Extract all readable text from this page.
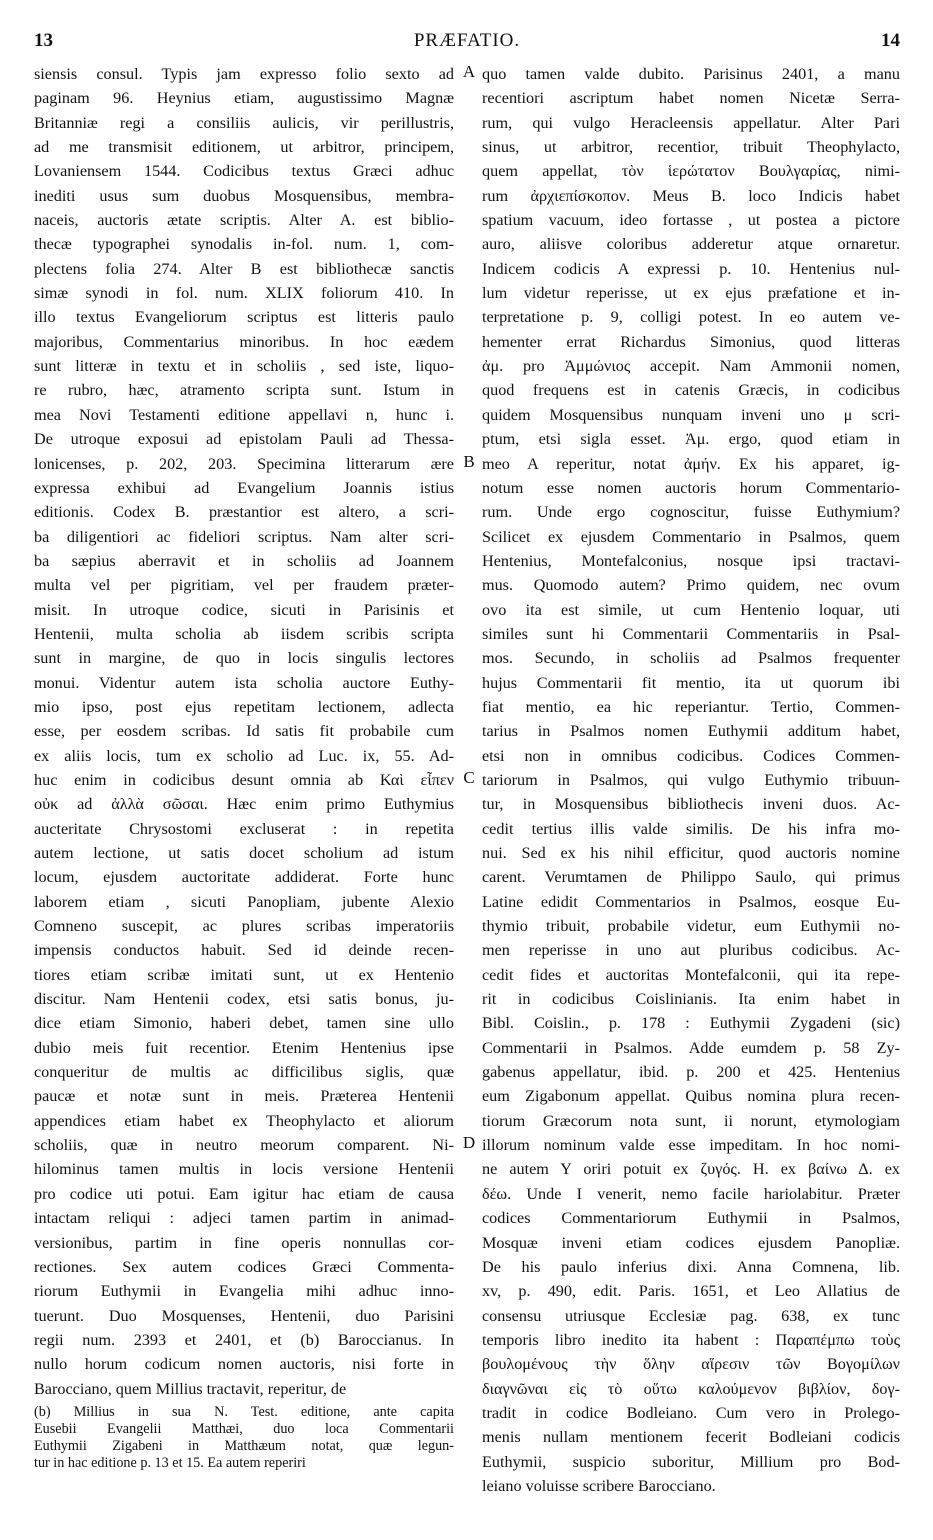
13	PRÆFATIO.	14
siensis consul. Typis jam expresso folio sexto ad
paginam 96. Heynius etiam, augustissimo Magnæ
Britanniæ regi a consiliis aulicis, vir perillustris,
ad me transmisit editionem, ut arbitror, principem,
Lovaniensem 1544. Codicibus textus Græci adhuc
inediti usus sum duobus Mosquensibus, membra-
naceis, auctoris ætate scriptis. Alter A. est biblio-
thecæ typographei synodalis in-fol. num. 1, com-
plectens folia 274. Alter B est bibliothecæ sanctis
simæ synodi in fol. num. XLIX foliorum 410. In
illo textus Evangeliorum scriptus est litteris paulo
majoribus, Commentarius minoribus. In hoc eædem
sunt litteræ in textu et in scholiis , sed iste, liquo-
re rubro, hæc, atramento scripta sunt. Istum in
mea Novi Testamenti editione appellavi n, hunc i.
De utroque exposui ad epistolam Pauli ad Thessa-
lonicenses, p. 202, 203. Specimina litterarum ære
expressa exhibui ad Evangelium Joannis istius
editionis. Codex B. præstantior est altero, a scri-
ba diligentiori ac fideliori scriptus. Nam alter scri-
ba sæpius aberravit et in scholiis ad Joannem
multa vel per pigritiam, vel per fraudem præter-
misit. In utroque codice, sicuti in Parisinis et
Hentenii, multa scholia ab iisdem scribis scripta
sunt in margine, de quo in locis singulis lectores
monui. Videntur autem ista scholia auctore Euthy-
mio ipso, post ejus repetitam lectionem, adlecta
esse, per eosdem scribas. Id satis fit probabile cum
ex aliis locis, tum ex scholio ad Luc. ix, 55. Ad-
huc enim in codicibus desunt omnia ab Καὶ εἶπεν
οὐκ ad ἀλλὰ σῶσαι. Hæc enim primo Euthymius
aucteritate Chrysostomi excluserat : in repetita
autem lectione, ut satis docet scholium ad istum
locum, ejusdem auctoritate addiderat. Forte hunc
laborem etiam , sicuti Panopliam, jubente Alexio
Comneno suscepit, ac plures scribas imperatoriis
impensis conductos habuit. Sed id deinde recen-
tiores etiam scribæ imitati sunt, ut ex Hentenio
discitur. Nam Hentenii codex, etsi satis bonus, ju-
dice etiam Simonio, haberi debet, tamen sine ullo
dubio meis fuit recentior. Etenim Hentenius ipse
conqueritur de multis ac difficilibus siglis, quæ
paucæ et notæ sunt in meis. Præterea Hentenii
appendices etiam habet ex Theophylacto et aliorum
scholiis, quæ in neutro meorum comparent. Ni-
hilominus tamen multis in locis versione Hentenii
pro codice uti potui. Eam igitur hac etiam de causa
intactam reliqui : adjeci tamen partim in animad-
versionibus, partim in fine operis nonnullas cor-
rectiones. Sex autem codices Græci Commenta-
riorum Euthymii in Evangelia mihi adhuc inno-
tuerunt. Duo Mosquenses, Hentenii, duo Parisini
regii num. 2393 et 2401, et (b) Baroccianus. In
nullo horum codicum nomen auctoris, nisi forte in
Barocciano, quem Millius tractavit, reperitur, de
A
B
C
D
quo tamen valde dubito. Parisinus 2401, a manu
recentiori ascriptum habet nomen Nicetæ Serra-
rum, qui vulgo Heracleensis appellatur. Alter Pari
sinus, ut arbitror, recentior, tribuit Theophylacto,
quem appellat, τὸν ἱερώτατον Βουλγαρίας, nimi-
rum ἀρχιεπίσκοπον. Meus B. loco Indicis habet
spatium vacuum, ideo fortasse , ut postea a pictore
auro, aliisve coloribus adderetur atque ornaretur.
Indicem codicis A expressi p. 10. Hentenius nul-
lum videtur reperisse, ut ex ejus præfatione et in-
terpretatione p. 9, colligi potest. In eo autem ve-
hementer errat Richardus Simonius, quod litteras
ἀμ. pro Ἀμμώνιος accepit. Nam Ammonii nomen,
quod frequens est in catenis Græcis, in codicibus
quidem Mosquensibus nunquam inveni uno μ scri-
ptum, etsi sigla esset. Ἀμ. ergo, quod etiam in
meo A reperitur, notat ἀμήν. Ex his apparet, ig-
notum esse nomen auctoris horum Commentario-
rum. Unde ergo cognoscitur, fuisse Euthymium?
Scilicet ex ejusdem Commentario in Psalmos, quem
Hentenius, Montefalconius, nosque ipsi tractavi-
mus. Quomodo autem? Primo quidem, nec ovum
ovo ita est simile, ut cum Hentenio loquar, uti
similes sunt hi Commentarii Commentariis in Psal-
mos. Secundo, in scholiis ad Psalmos frequenter
hujus Commentarii fit mentio, ita ut quorum ibi
fiat mentio, ea hic reperiantur. Tertio, Commen-
tarius in Psalmos nomen Euthymii additum habet,
etsi non in omnibus codicibus. Codices Commen-
tariorum in Psalmos, qui vulgo Euthymio tribuun-
tur, in Mosquensibus bibliothecis inveni duos. Ac-
cedit tertius illis valde similis. De his infra mo-
nui. Sed ex his nihil efficitur, quod auctoris nomine
carent. Verumtamen de Philippo Saulo, qui primus
Latine edidit Commentarios in Psalmos, eosque Eu-
thymio tribuit, probabile videtur, eum Euthymii no-
men reperisse in uno aut pluribus codicibus. Ac-
cedit fides et auctoritas Montefalconii, qui ita repe-
rit in codicibus Coislinianis. Ita enim habet in
Bibl. Coislin., p. 178 : Euthymii Zygadeni (sic)
Commentarii in Psalmos. Adde eumdem p. 58 Zy-
gabenus appellatur, ibid. p. 200 et 425. Hentenius
eum Zigabonum appellat. Quibus nomina plura recen-
tiorum Græcorum nota sunt, ii norunt, etymologiam
illorum nominum valde esse impeditam. In hoc nomi-
ne autem Y oriri potuit ex ζυγός. H. ex βαίνω Δ. ex
δέω. Unde I venerit, nemo facile hariolabitur. Præter
codices Commentariorum Euthymii in Psalmos,
Mosquæ inveni etiam codices ejusdem Panopliæ.
De his paulo inferius dixi. Anna Comnena, lib.
xv, p. 490, edit. Paris. 1651, et Leo Allatius de
consensu utriusque Ecclesiæ pag. 638, ex tunc
temporis libro inedito ita habent : Παραπέμπω τοὺς
βουλομένους τὴν ὅλην αἵρεσιν τῶν Βογομίλων
διαγνῶναι εἰς τὸ οὕτω καλούμενον βιβλίον, δογ-
tradit in codice Bodleiano. Cum vero in Prolego-
menis nullam mentionem fecerit Bodleiani codicis
Euthymii, suspicio suboritur, Millium pro Bod-
leiano voluisse scribere Barocciano.
(b) Millius in sua N. Test. editione, ante capita
Eusebii Evangelii Matthæi, duo loca Commentarii
Euthymii Zigabeni in Matthæum notat, quæ legun-
tur in hac editione p. 13 et 15. Ea autem reperiri
